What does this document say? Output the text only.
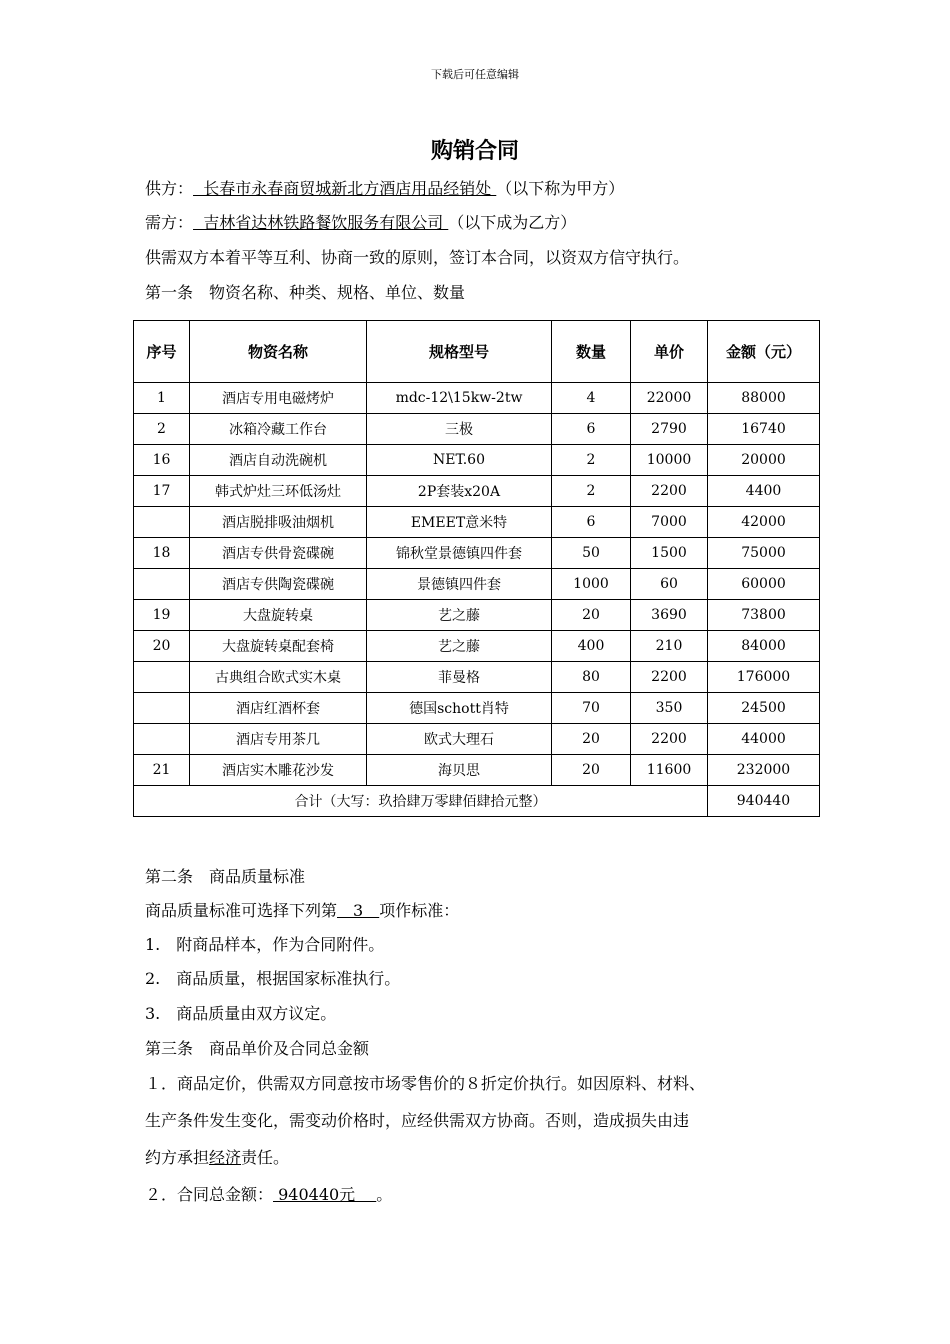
下载后可任意编辑
购销合同
供方：  长春市永春商贸城新北方酒店用品经销处 （以下称为甲方）
需方：  吉林省达林铁路餐饮服务有限公司 （以下成为乙方）
供需双方本着平等互利、协商一致的原则，签订本合同，以资双方信守执行。
第一条　物资名称、种类、规格、单位、数量
序号	物资名称	规格型号	数量	单价	金额（元）
1	酒店专用电磁烤炉	mdc-12\15kw-2tw	4	22000	88000
2	冰箱冷藏工作台	三极	6	2790	16740
16	酒店自动洗碗机	NET.60	2	10000	20000
17	韩式炉灶三环低汤灶	2P套装x20A	2	2200	4400
	酒店脱排吸油烟机	EMEET意米特	6	7000	42000
18	酒店专供骨瓷碟碗	锦秋堂景德镇四件套	50	1500	75000
	酒店专供陶瓷碟碗	景德镇四件套	1000	60	60000
19	大盘旋转桌	艺之藤	20	3690	73800
20	大盘旋转桌配套椅	艺之藤	400	210	84000
	古典组合欧式实木桌	菲曼格	80	2200	176000
	酒店红酒杯套	德国schott肖特	70	350	24500
	酒店专用茶几	欧式大理石	20	2200	44000
21	酒店实木雕花沙发	海贝思	20	11600	232000
合计（大写：玖拾肆万零肆佰肆拾元整）					940440
第二条　商品质量标准
商品质量标准可选择下列第　3　项作标准：
1.　附商品样本，作为合同附件。
2.　商品质量，根据国家标准执行。
3.　商品质量由双方议定。
第三条　商品单价及合同总金额
１．商品定价，供需双方同意按市场零售价的８折定价执行。如因原料、材料、
生产条件发生变化，需变动价格时，应经供需双方协商。否则，造成损失由违
约方承担经济责任。
２．合同总金额： 940440元　 。
